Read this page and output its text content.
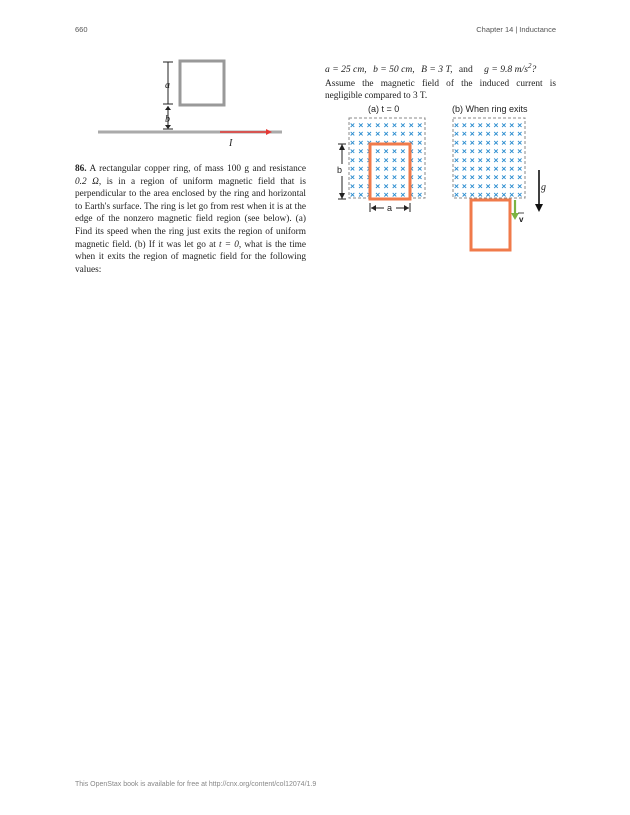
660	Chapter 14 | Inductance
a
b
I
86. A rectangular copper ring, of mass 100 g and resistance 0.2 Ω, is in a region of uniform magnetic field that is perpendicular to the area enclosed by the ring and horizontal to Earth's surface. The ring is let go from rest when it is at the edge of the nonzero magnetic field region (see below). (a) Find its speed when the ring just exits the region of uniform magnetic field. (b) If it was let go at t = 0, what is the time when it exits the region of magnetic field for the following values:
a = 25 cm, b = 50 cm, B = 3 T, and g = 9.8 $m/s^2$?
Assume the magnetic field of the induced current is negligible compared to 3 T.
(a) t = 0	(b) When ring exits
× × × × × × × × ×
× × × × × × × × ×
× × × × × × × × ×
× × × × × × × × ×
× × × × × × × × ×
× × × × × × × × ×
× × × × × × × × ×
× × × × × × × × ×
× × × × × × × × ×
× × × × × × × × ×
× × × × × × × × ×
× × × × × × × × ×
× × × × × × × × ×
× × × × × × × × ×
× × × × × × × × ×
× × × × × × × × ×
× × × × × × × × ×
× × × × × × × × ×
b
a
v
g
This OpenStax book is available for free at http://cnx.org/content/col12074/1.9
